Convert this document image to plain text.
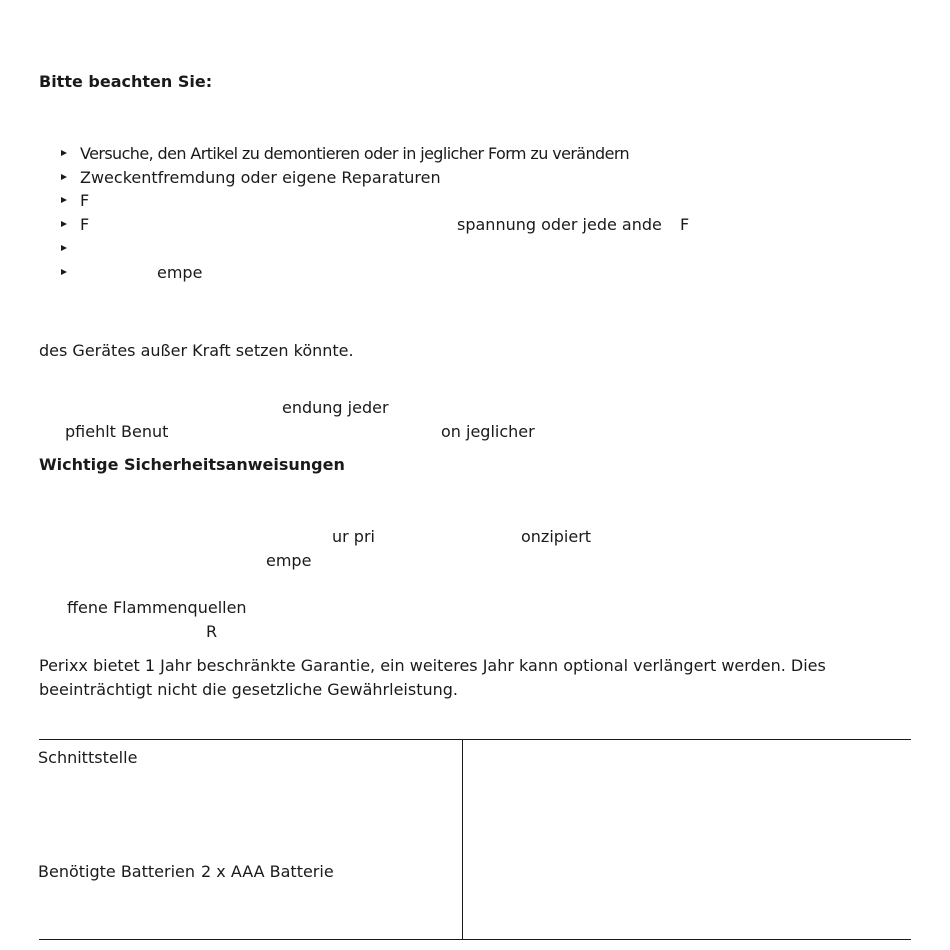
Bitte beachten Sie:
Versuche, den Artikel zu demontieren oder in jeglicher Form zu verändern
Zweckentfremdung oder eigene Reparaturen
F
F	spannung oder jede ande F
empe
des Gerätes außer Kraft setzen könnte.
endung jeder
pfiehlt Benut	on jeglicher
Wichtige Sicherheitsanweisungen
ur pri	onzipiert
empe
ffene Flammenquellen
R
Perixx bietet 1 Jahr beschränkte Garantie, ein weiteres Jahr kann optional verlängert werden. Dies
beeinträchtigt nicht die gesetzliche Gewährleistung.
Schnittstelle
Benötigte Batterien 2 x AAA Batterie
